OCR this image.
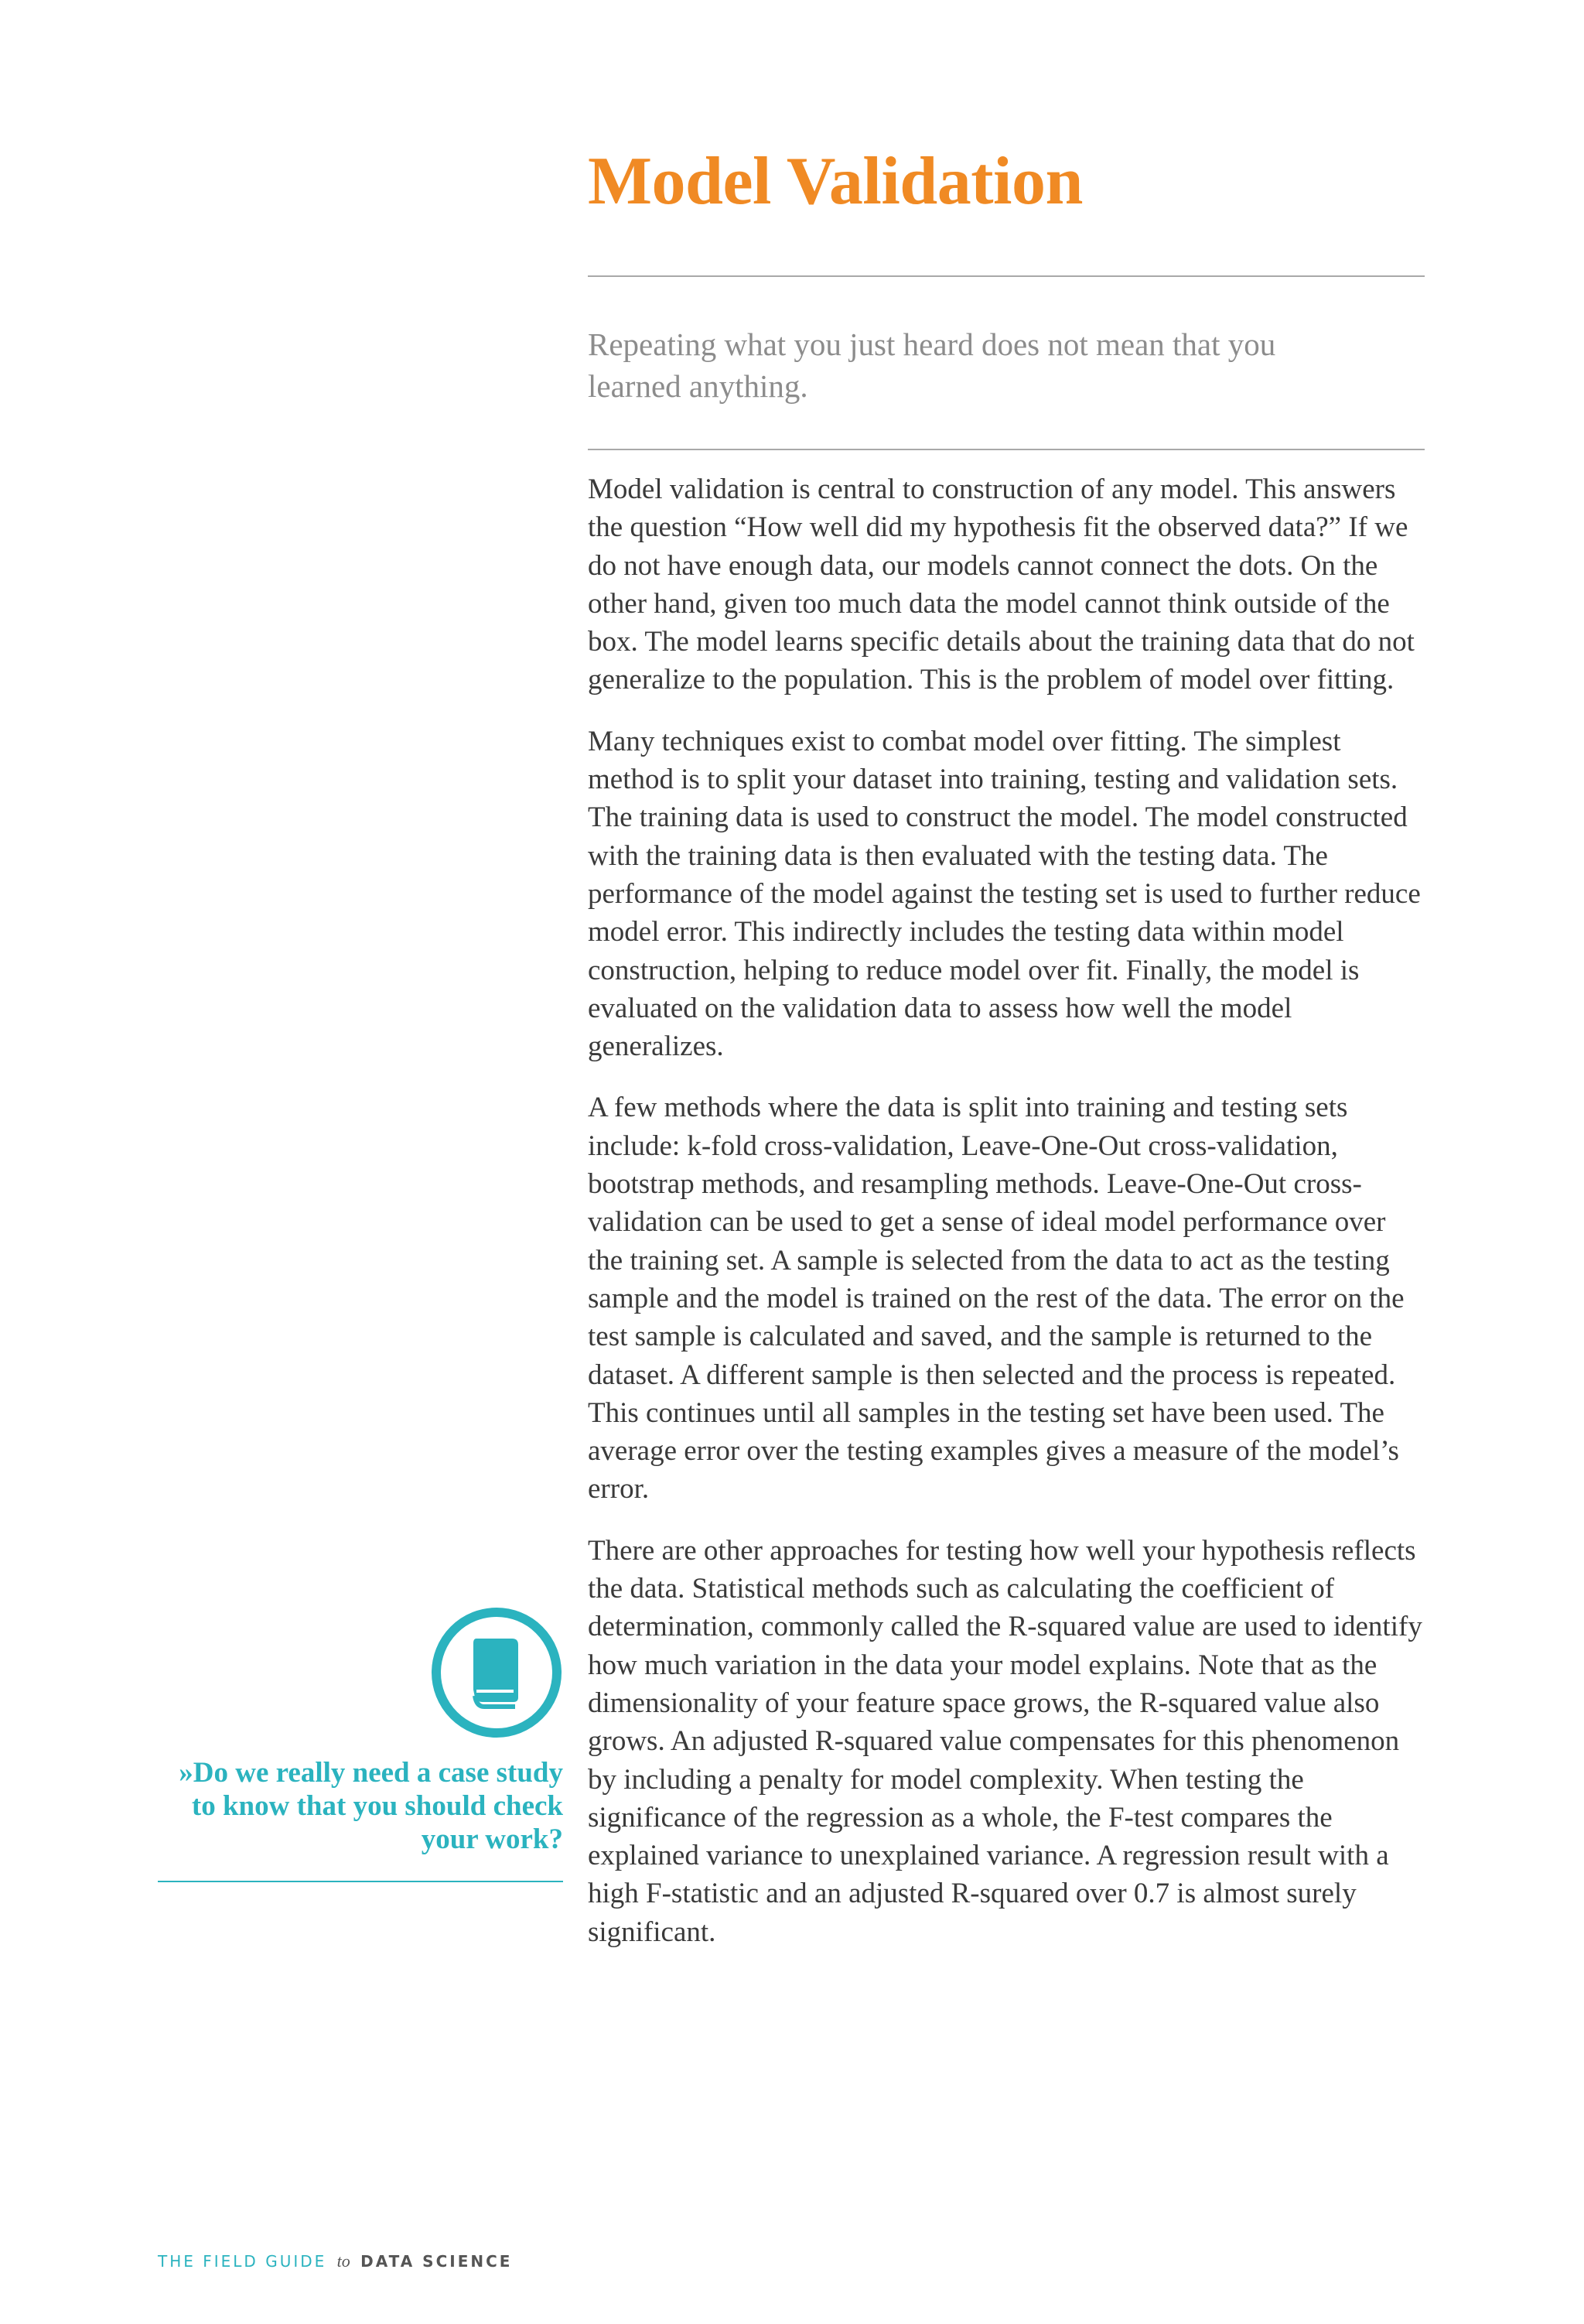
Model Validation

Repeating what you just heard does not mean that you learned anything.

Model validation is central to construction of any model. This answers the question “How well did my hypothesis fit the observed data?” If we do not have enough data, our models cannot connect the dots. On the other hand, given too much data the model cannot think outside of the box. The model learns specific details about the training data that do not generalize to the population. This is the problem of model over fitting.

Many techniques exist to combat model over fitting. The simplest method is to split your dataset into training, testing and validation sets. The training data is used to construct the model. The model constructed with the training data is then evaluated with the testing data. The performance of the model against the testing set is used to further reduce model error. This indirectly includes the testing data within model construction, helping to reduce model over fit. Finally, the model is evaluated on the validation data to assess how well the model generalizes.

A few methods where the data is split into training and testing sets include: k-fold cross-validation, Leave-One-Out cross-validation, bootstrap methods, and resampling methods. Leave-One-Out cross-validation can be used to get a sense of ideal model performance over the training set. A sample is selected from the data to act as the testing sample and the model is trained on the rest of the data. The error on the test sample is calculated and saved, and the sample is returned to the dataset. A different sample is then selected and the process is repeated. This continues until all samples in the testing set have been used. The average error over the testing examples gives a measure of the model’s error.

There are other approaches for testing how well your hypothesis reflects the data. Statistical methods such as calculating the coefficient of determination, commonly called the R-squared value are used to identify how much variation in the data your model explains. Note that as the dimensionality of your feature space grows, the R-squared value also grows. An adjusted R-squared value compensates for this phenomenon by including a penalty for model complexity. When testing the significance of the regression as a whole, the F-test compares the explained variance to unexplained variance. A regression result with a high F-statistic and an adjusted R-squared over 0.7 is almost surely significant.

»Do we really need a case study to know that you should check your work?

THE FIELD GUIDE to DATA SCIENCE
